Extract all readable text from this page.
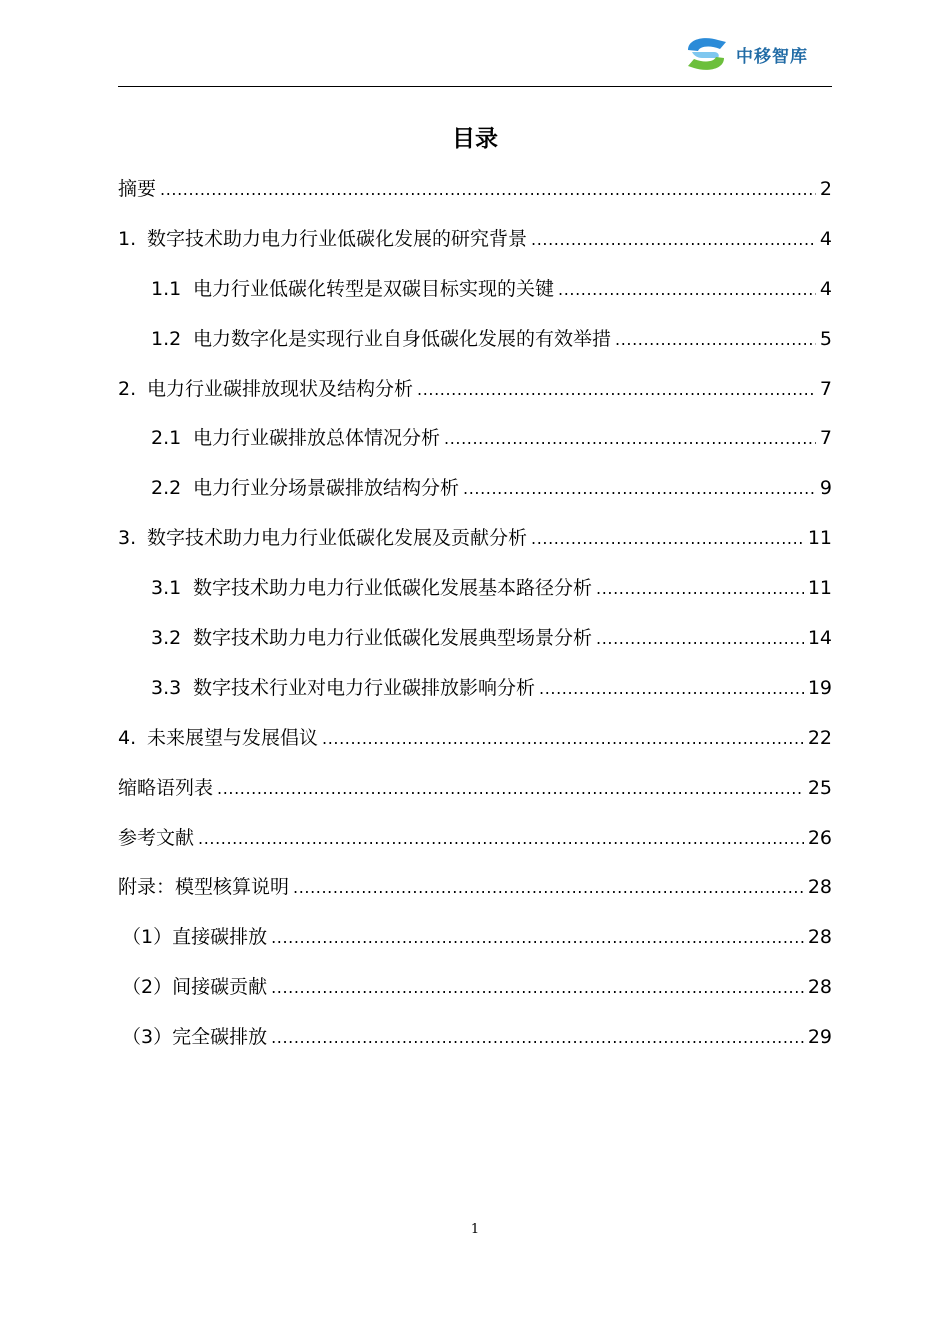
中移智库
目录
摘要 .....	2
1. 数字技术助力电力行业低碳化发展的研究背景 .....	4
1.1 电力行业低碳化转型是双碳目标实现的关键 .....	4
1.2 电力数字化是实现行业自身低碳化发展的有效举措 .....	5
2. 电力行业碳排放现状及结构分析 .....	7
2.1 电力行业碳排放总体情况分析 .....	7
2.2 电力行业分场景碳排放结构分析 .....	9
3. 数字技术助力电力行业低碳化发展及贡献分析 .....	11
3.1 数字技术助力电力行业低碳化发展基本路径分析 .....	11
3.2 数字技术助力电力行业低碳化发展典型场景分析 .....	14
3.3 数字技术行业对电力行业碳排放影响分析 .....	19
4. 未来展望与发展倡议 .....	22
缩略语列表 .....	25
参考文献 .....	26
附录：模型核算说明 .....	28
（1）直接碳排放 .....	28
（2）间接碳贡献 .....	28
（3）完全碳排放 .....	29
1
